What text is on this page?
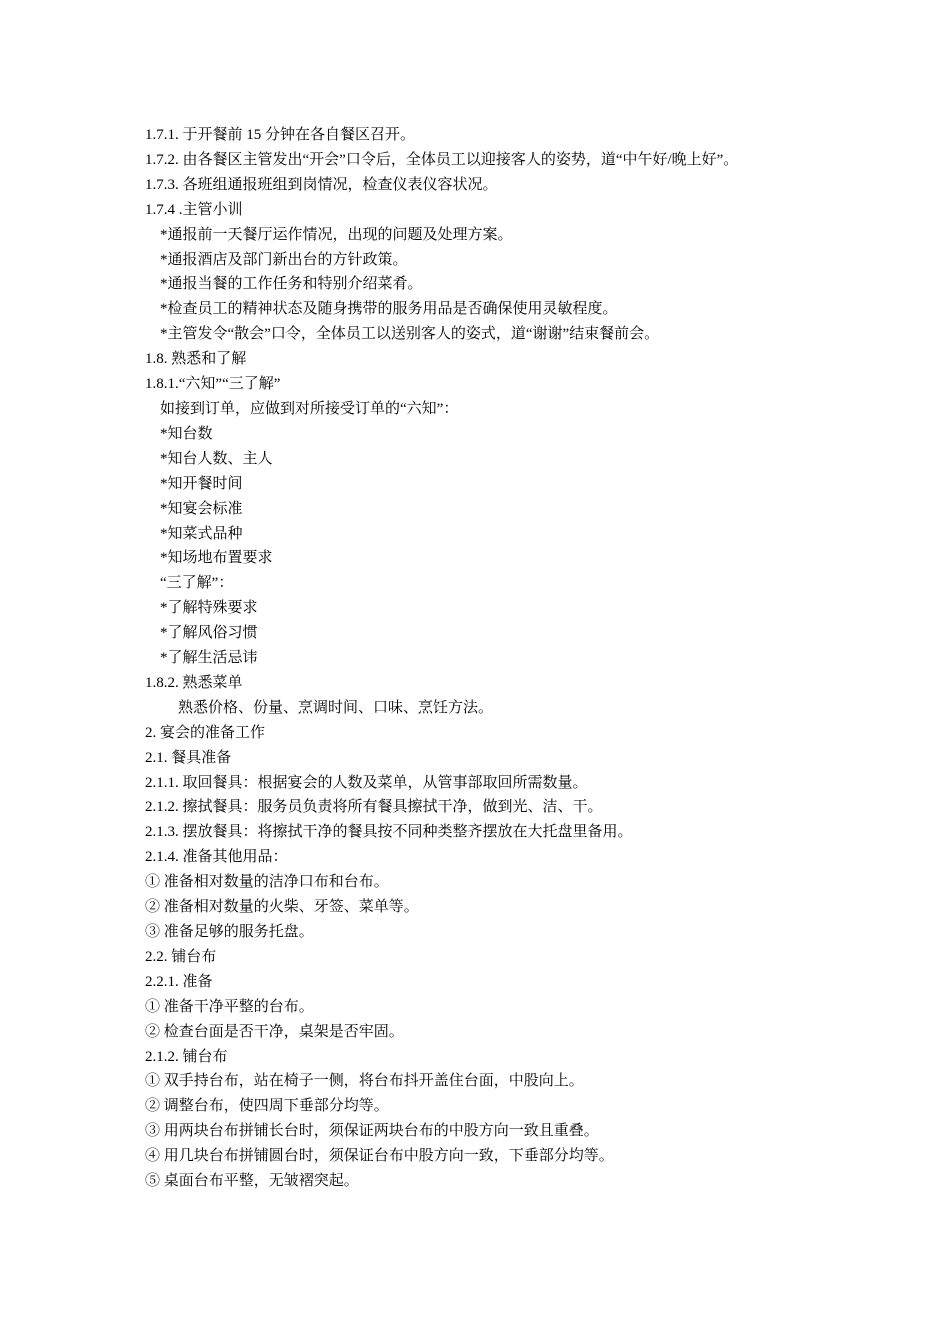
1.7.1. 于开餐前 15 分钟在各自餐区召开。

1.7.2. 由各餐区主管发出“开会”口令后，全体员工以迎接客人的姿势，道“中午好/晚上好”。

1.7.3. 各班组通报班组到岗情况，检查仪表仪容状况。

1.7.4 .主管小训

*通报前一天餐厅运作情况，出现的问题及处理方案。

*通报酒店及部门新出台的方针政策。

*通报当餐的工作任务和特别介绍菜肴。

*检查员工的精神状态及随身携带的服务用品是否确保使用灵敏程度。

*主管发令“散会”口令，全体员工以送别客人的姿式，道“谢谢”结束餐前会。

1.8. 熟悉和了解

1.8.1.“六知”“三了解”

如接到订单，应做到对所接受订单的“六知”：

*知台数

*知台人数、主人

*知开餐时间

*知宴会标准

*知菜式品种

*知场地布置要求

“三了解”：

*了解特殊要求

*了解风俗习惯

*了解生活忌讳

1.8.2. 熟悉菜单

熟悉价格、份量、烹调时间、口味、烹饪方法。

2. 宴会的准备工作

2.1. 餐具准备

2.1.1. 取回餐具：根据宴会的人数及菜单，从管事部取回所需数量。

2.1.2. 擦拭餐具：服务员负责将所有餐具擦拭干净，做到光、洁、干。

2.1.3. 摆放餐具：将擦拭干净的餐具按不同种类整齐摆放在大托盘里备用。

2.1.4. 准备其他用品：

① 准备相对数量的洁净口布和台布。

② 准备相对数量的火柴、牙签、菜单等。

③ 准备足够的服务托盘。

2.2. 铺台布

2.2.1. 准备

① 准备干净平整的台布。

② 检查台面是否干净，桌架是否牢固。

2.1.2. 铺台布

① 双手持台布，站在椅子一侧，将台布抖开盖住台面，中股向上。

② 调整台布，使四周下垂部分均等。

③ 用两块台布拼铺长台时，须保证两块台布的中股方向一致且重叠。

④ 用几块台布拼铺圆台时，须保证台布中股方向一致，下垂部分均等。

⑤ 桌面台布平整，无皱褶突起。
